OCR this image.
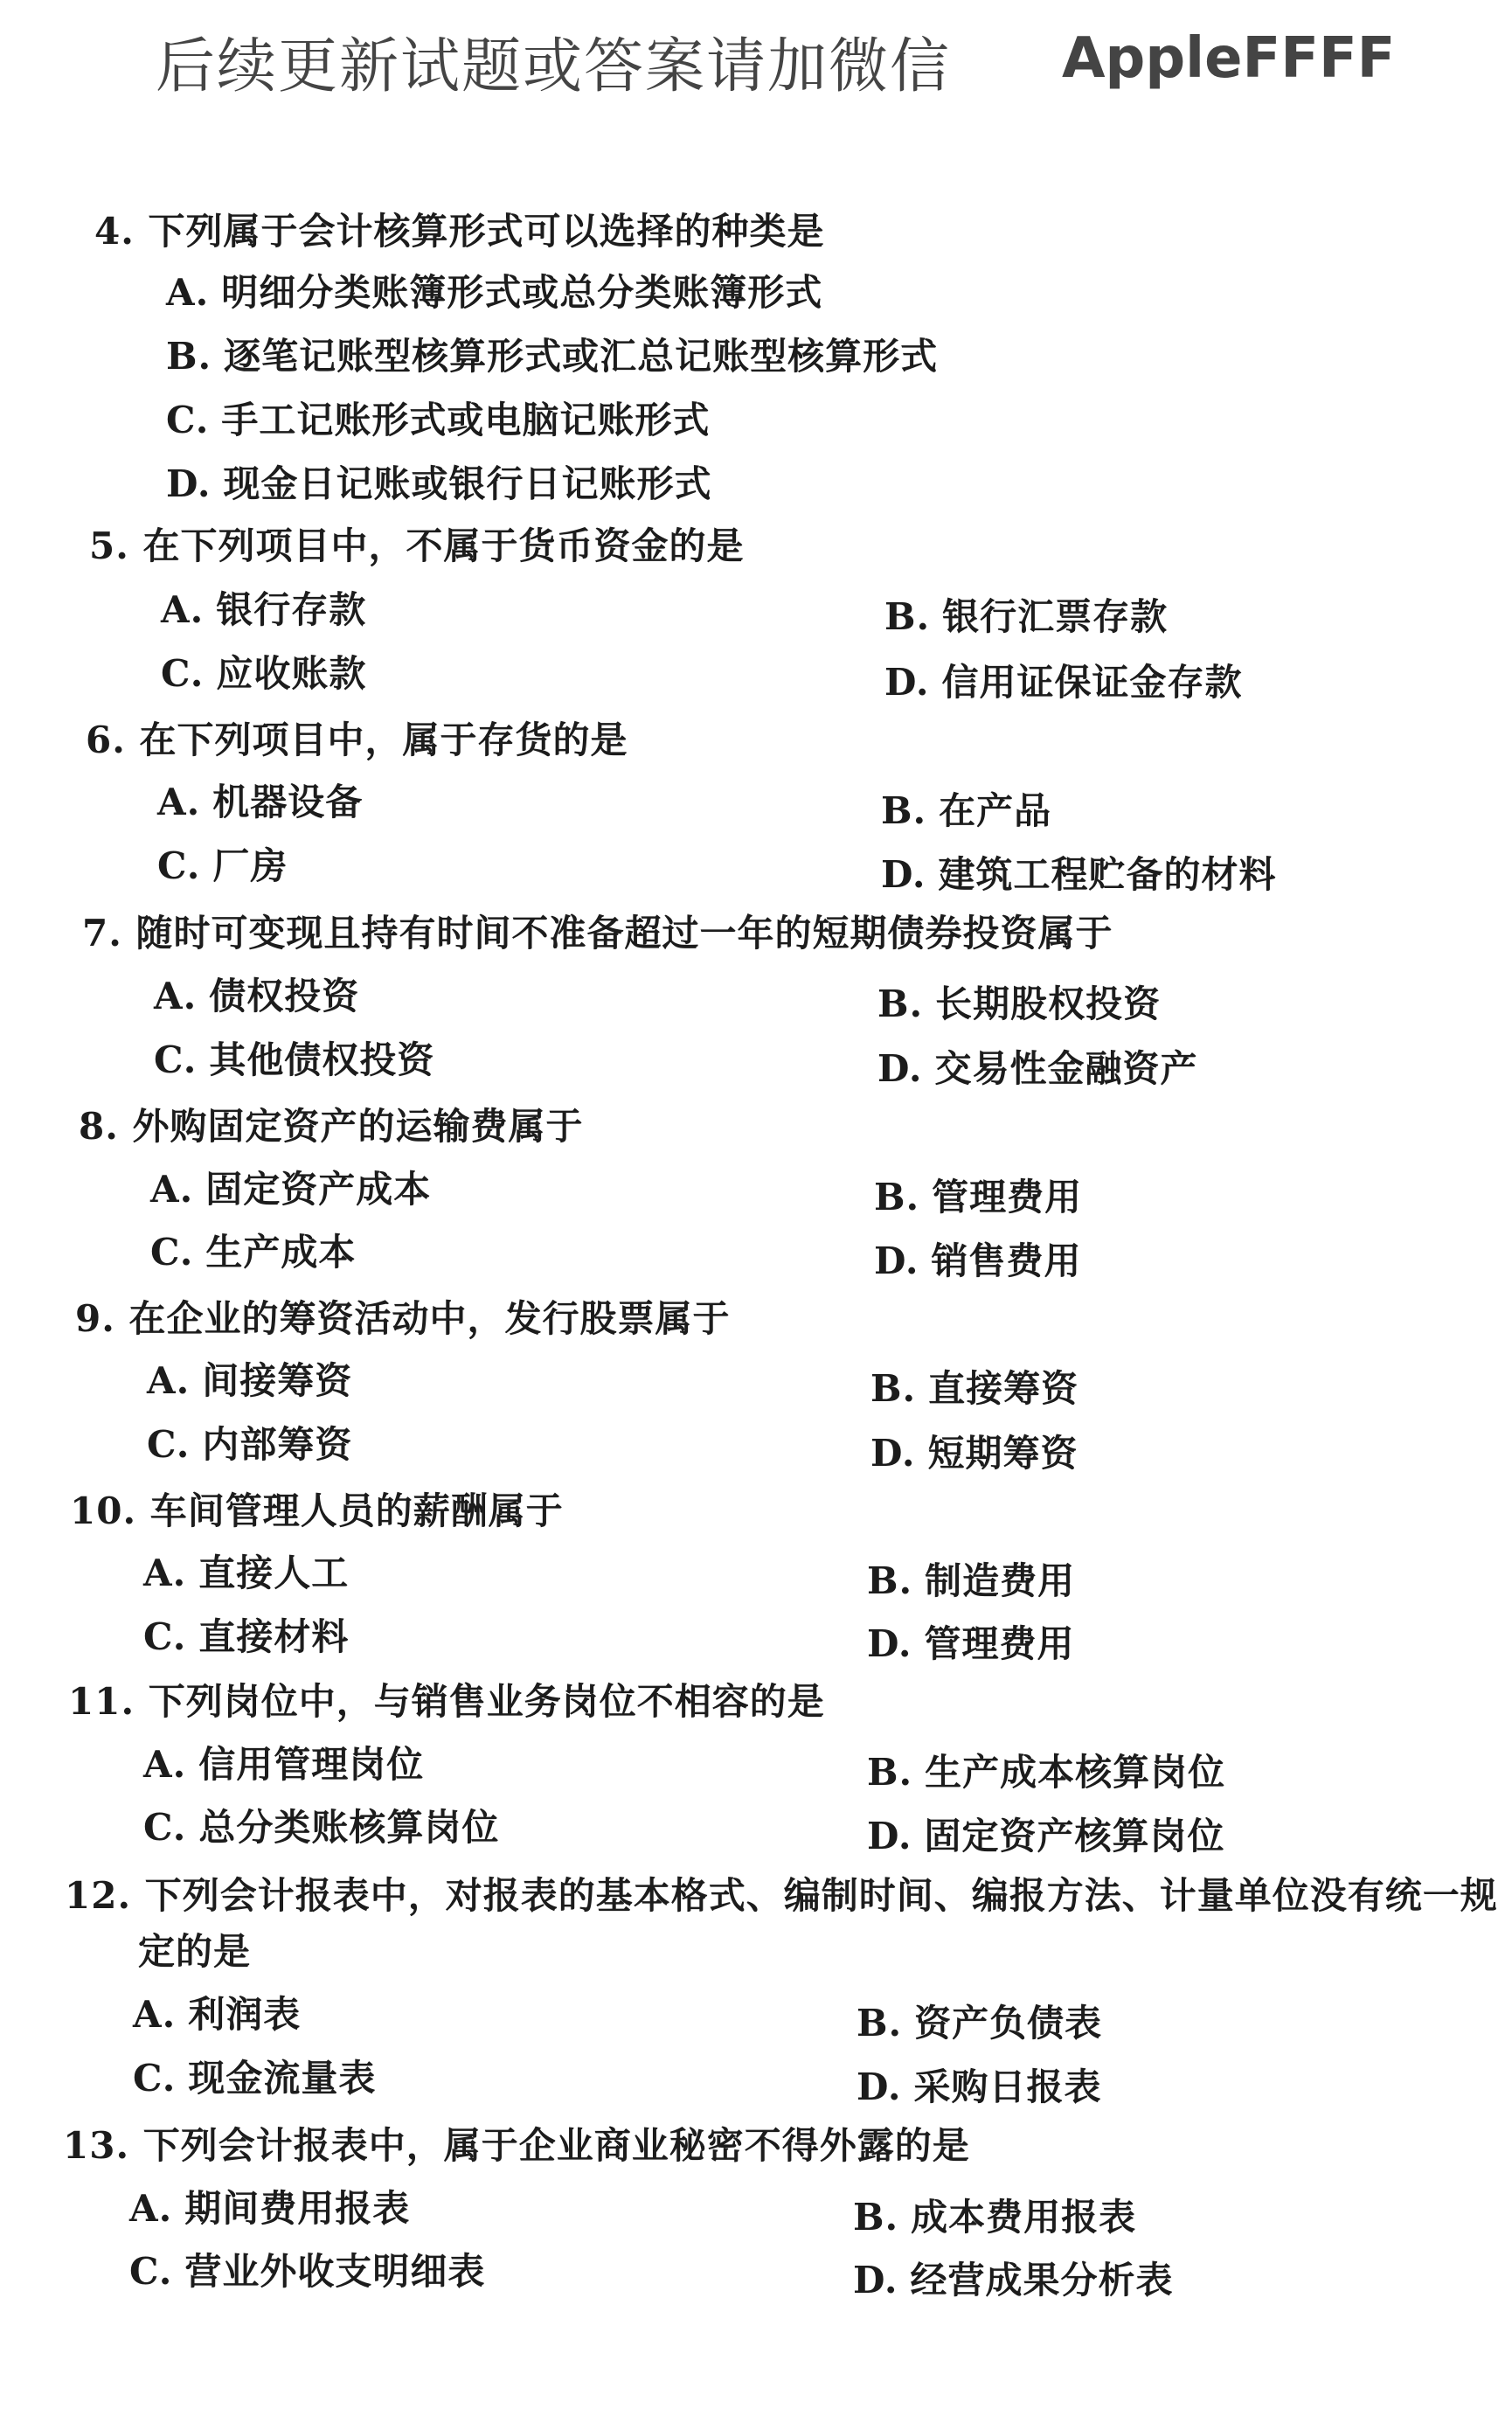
后续更新试题或答案请加微信 AppleFFFF
4. 下列属于会计核算形式可以选择的种类是
A. 明细分类账簿形式或总分类账簿形式
B. 逐笔记账型核算形式或汇总记账型核算形式
C. 手工记账形式或电脑记账形式
D. 现金日记账或银行日记账形式
5. 在下列项目中，不属于货币资金的是
A. 银行存款	B. 银行汇票存款
C. 应收账款	D. 信用证保证金存款
6. 在下列项目中，属于存货的是
A. 机器设备	B. 在产品
C. 厂房	D. 建筑工程贮备的材料
7. 随时可变现且持有时间不准备超过一年的短期债券投资属于
A. 债权投资	B. 长期股权投资
C. 其他债权投资	D. 交易性金融资产
8. 外购固定资产的运输费属于
A. 固定资产成本	B. 管理费用
C. 生产成本	D. 销售费用
9. 在企业的筹资活动中，发行股票属于
A. 间接筹资	B. 直接筹资
C. 内部筹资	D. 短期筹资
10. 车间管理人员的薪酬属于
A. 直接人工	B. 制造费用
C. 直接材料	D. 管理费用
11. 下列岗位中，与销售业务岗位不相容的是
A. 信用管理岗位	B. 生产成本核算岗位
C. 总分类账核算岗位	D. 固定资产核算岗位
12. 下列会计报表中，对报表的基本格式、编制时间、编报方法、计量单位没有统一规
定的是
A. 利润表	B. 资产负债表
C. 现金流量表	D. 采购日报表
13. 下列会计报表中，属于企业商业秘密不得外露的是
A. 期间费用报表	B. 成本费用报表
C. 营业外收支明细表	D. 经营成果分析表
